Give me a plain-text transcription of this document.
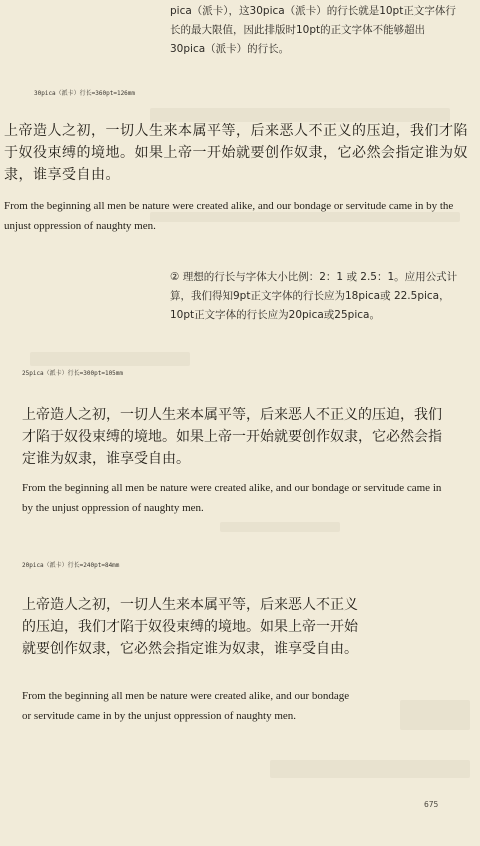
pica（派卡），这30pica（派卡）的行长就是10pt正文字体行长的最大限值，因此排版时10pt的正文字体不能够超出30pica（派卡）的行长。
30pica（派卡）行长=360pt=126mm
上帝造人之初，一切人生来本属平等，后来恶人不正义的压迫，我们才陷于奴役束缚的境地。如果上帝一开始就要创作奴隶，它必然会指定谁为奴隶，谁享受自由。
From the beginning all men be nature were created alike, and our bondage or servitude came in by the unjust oppression of naughty men.
② 理想的行长与字体大小比例：2：1 或 2.5：1。应用公式计算，我们得知9pt正文字体的行长应为18pica或 22.5pica，10pt正文字体的行长应为20pica或25pica。
25pica（派卡）行长=300pt=105mm
上帝造人之初，一切人生来本属平等，后来恶人不正义的压迫，我们才陷于奴役束缚的境地。如果上帝一开始就要创作奴隶，它必然会指定谁为奴隶，谁享受自由。
From the beginning all men be nature were created alike, and our bondage or servitude came in by the unjust oppression of naughty men.
20pica（派卡）行长=240pt=84mm
上帝造人之初，一切人生来本属平等，后来恶人不正义的压迫，我们才陷于奴役束缚的境地。如果上帝一开始就要创作奴隶，它必然会指定谁为奴隶，谁享受自由。
From the beginning all men be nature were created alike, and our bondage or servitude came in by the unjust oppression of naughty men.
675
